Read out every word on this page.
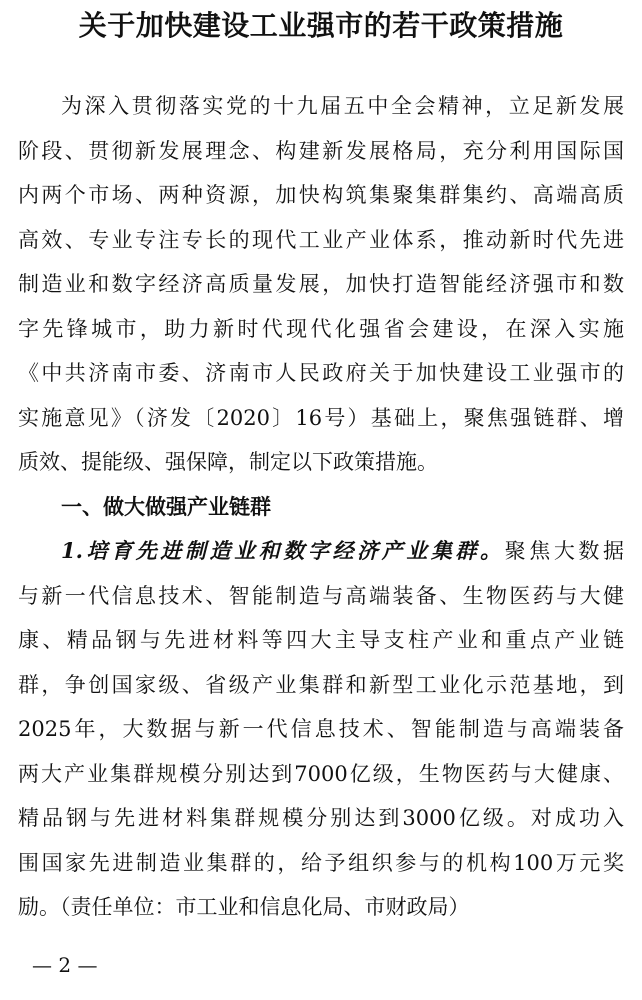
关于加快建设工业强市的若干政策措施
为深入贯彻落实党的十九届五中全会精神，立足新发展
阶段、贯彻新发展理念、构建新发展格局，充分利用国际国
内两个市场、两种资源，加快构筑集聚集群集约、高端高质
高效、专业专注专长的现代工业产业体系，推动新时代先进
制造业和数字经济高质量发展，加快打造智能经济强市和数
字先锋城市，助力新时代现代化强省会建设，在深入实施
《中共济南市委、济南市人民政府关于加快建设工业强市的
实施意见》（济发〔2020〕16号）基础上，聚焦强链群、增
质效、提能级、强保障，制定以下政策措施。
一、做大做强产业链群
1.培育先进制造业和数字经济产业集群。聚焦大数据
与新一代信息技术、智能制造与高端装备、生物医药与大健
康、精品钢与先进材料等四大主导支柱产业和重点产业链
群，争创国家级、省级产业集群和新型工业化示范基地，到
2025年，大数据与新一代信息技术、智能制造与高端装备
两大产业集群规模分别达到7000亿级，生物医药与大健康、
精品钢与先进材料集群规模分别达到3000亿级。对成功入
围国家先进制造业集群的，给予组织参与的机构100万元奖
励。（责任单位：市工业和信息化局、市财政局）
— 2 —
